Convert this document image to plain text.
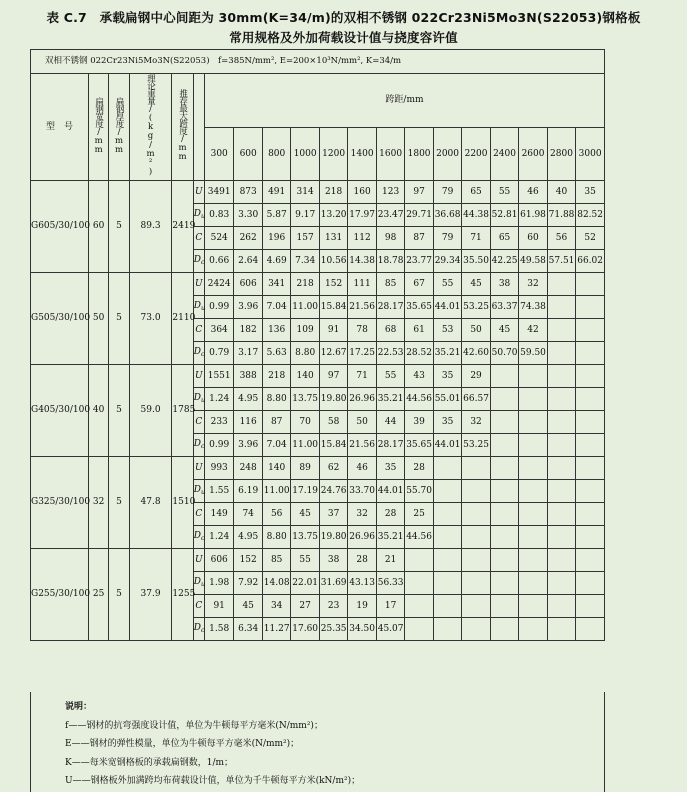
表 C.7　承载扁钢中心间距为 30mm(K=34/m)的双相不锈钢 022Cr23Ni5Mo3N(S22053)钢格板
常用规格及外加荷载设计值与挠度容许值
双相不锈钢 022Cr23Ni5Mo3N(S22053)　f=385N/mm², E=200×10³N/mm², K=34/m																			
型　号	扁钢宽度/mm	扁钢厚度/mm	理论重量/(kg/m²)	推荐最大跨度/mm		跨距/mm													
						300	600	800	1000	1200	1400	1600	1800	2000	2200	2400	2600	2800	3000
G605/30/100	60	5	89.3	2419	U	3491	873	491	314	218	160	123	97	79	65	55	46	40	35
					$D_u$	0.83	3.30	5.87	9.17	13.20	17.97	23.47	29.71	36.68	44.38	52.81	61.98	71.88	82.52
					C	524	262	196	157	131	112	98	87	79	71	65	60	56	52
					$D_c$	0.66	2.64	4.69	7.34	10.56	14.38	18.78	23.77	29.34	35.50	42.25	49.58	57.51	66.02
G505/30/100	50	5	73.0	2110	U	2424	606	341	218	152	111	85	67	55	45	38	32		
					$D_u$	0.99	3.96	7.04	11.00	15.84	21.56	28.17	35.65	44.01	53.25	63.37	74.38		
					C	364	182	136	109	91	78	68	61	53	50	45	42		
					$D_c$	0.79	3.17	5.63	8.80	12.67	17.25	22.53	28.52	35.21	42.60	50.70	59.50		
G405/30/100	40	5	59.0	1785	U	1551	388	218	140	97	71	55	43	35	29				
					$D_u$	1.24	4.95	8.80	13.75	19.80	26.96	35.21	44.56	55.01	66.57				
					C	233	116	87	70	58	50	44	39	35	32				
					$D_c$	0.99	3.96	7.04	11.00	15.84	21.56	28.17	35.65	44.01	53.25				
G325/30/100	32	5	47.8	1510	U	993	248	140	89	62	46	35	28						
					$D_u$	1.55	6.19	11.00	17.19	24.76	33.70	44.01	55.70						
					C	149	74	56	45	37	32	28	25						
					$D_c$	1.24	4.95	8.80	13.75	19.80	26.96	35.21	44.56						
G255/30/100	25	5	37.9	1255	U	606	152	85	55	38	28	21							
					$D_u$	1.98	7.92	14.08	22.01	31.69	43.13	56.33							
					C	91	45	34	27	23	19	17							
					$D_c$	1.58	6.34	11.27	17.60	25.35	34.50	45.07							
说明：
f——钢材的抗弯强度设计值，单位为牛顿每平方毫米(N/mm²)；
E——钢材的弹性模量，单位为牛顿每平方毫米(N/mm²)；
K——每米宽钢格板的承载扁钢数，1/m；
U——钢格板外加满跨均布荷载设计值，单位为千牛顿每平方米(kN/m²)；
